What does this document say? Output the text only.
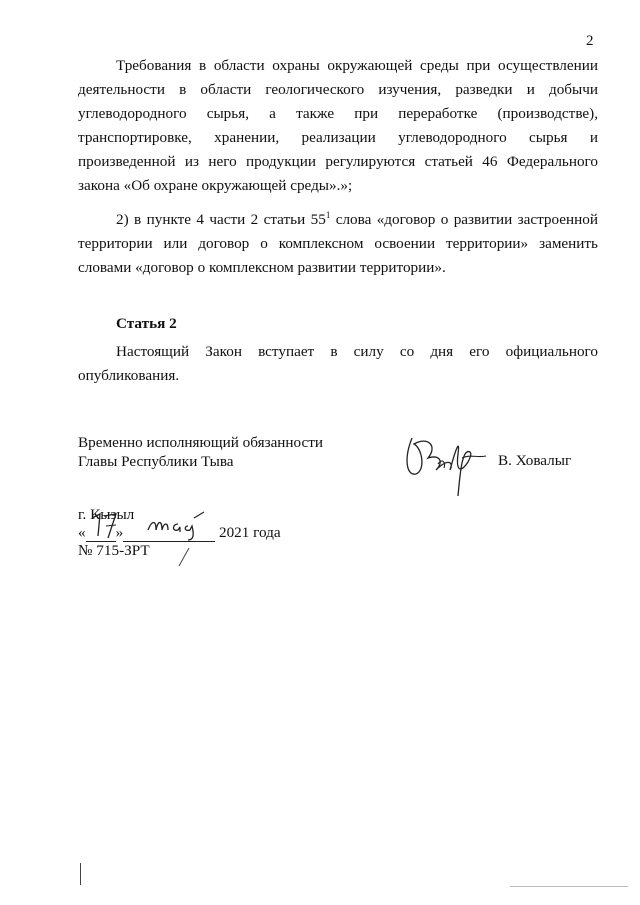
2
Требования в области охраны окружающей среды при осуществлении деятельности в области геологического изучения, разведки и добычи углеводородного сырья, а также при переработке (производстве), транспортировке, хранении, реализации углеводородного сырья и произведенной из него продукции регулируются статьей 46 Федерального закона «Об охране окружающей среды».»;
2) в пункте 4 части 2 статьи $55^1$ слова «договор о развитии застроенной территории или договор о комплексном освоении территории» заменить словами «договор о комплексном развитии территории».
Статья 2
Настоящий Закон вступает в силу со дня его официального опубликования.
Временно исполняющий обязанности
Главы Республики Тыва	В. Ховалыг
г. Кызыл
« »	2021 года
№ 715-ЗРТ
